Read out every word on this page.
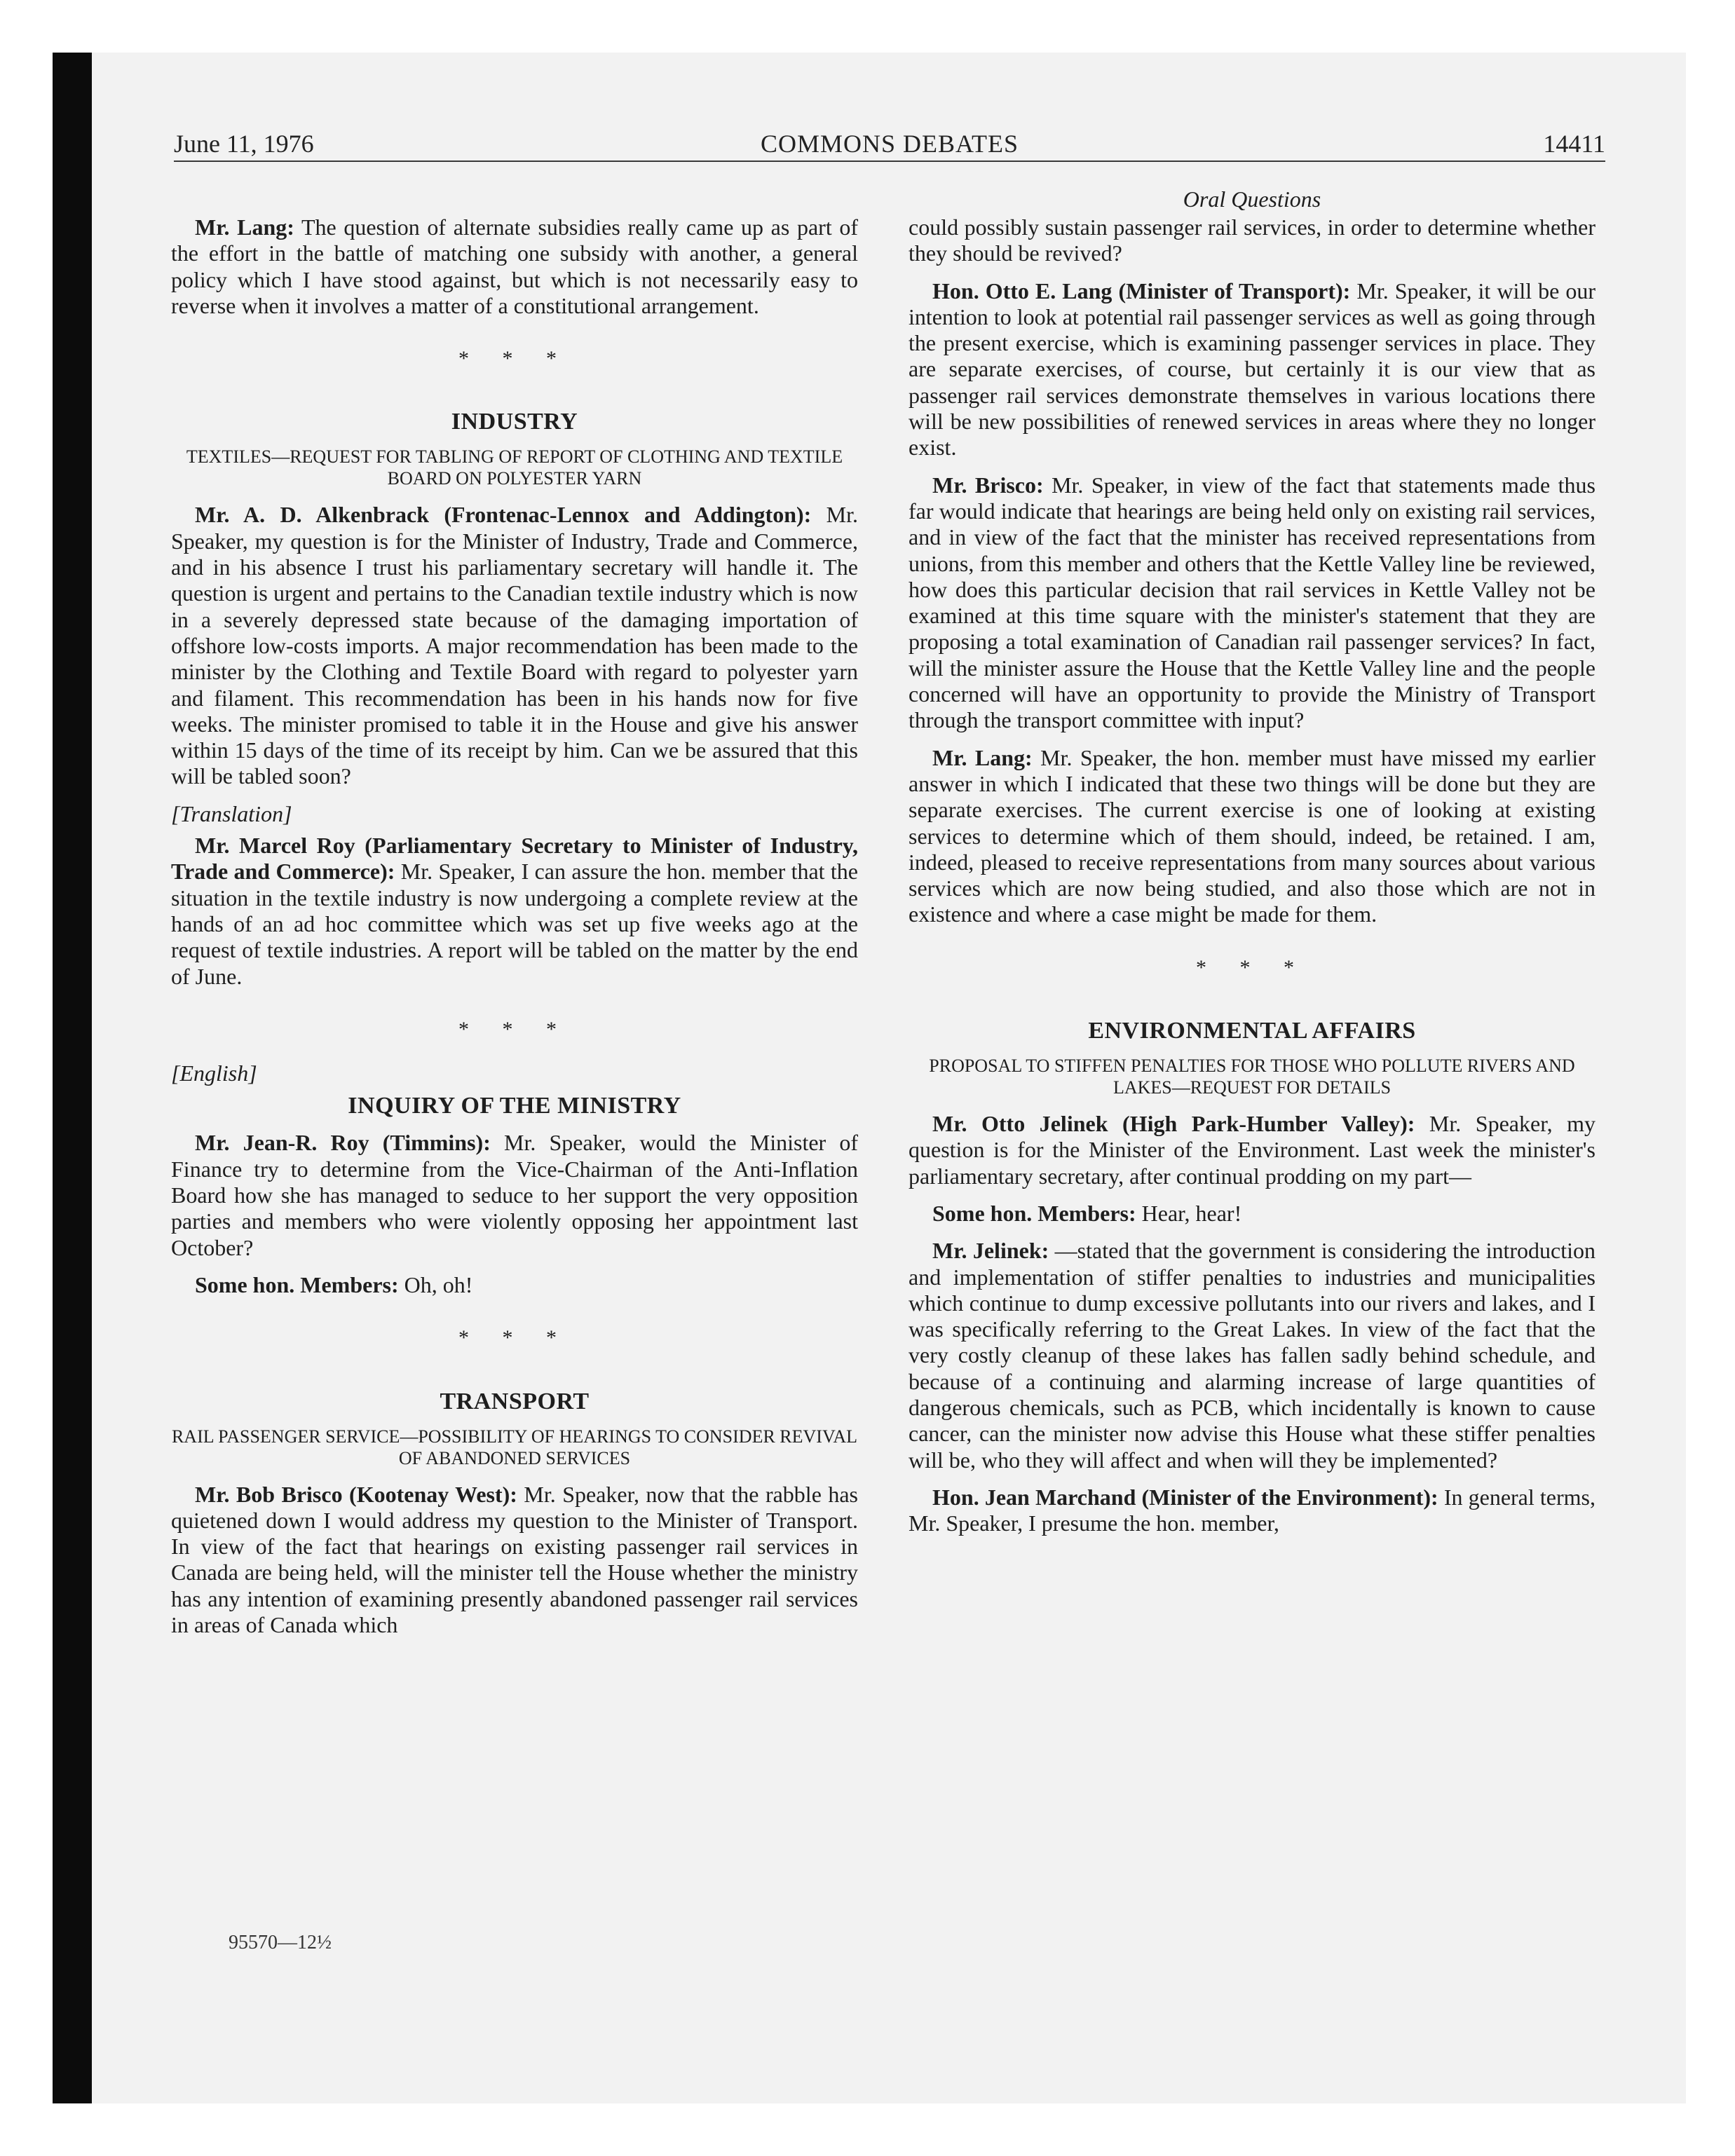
June 11, 1976	COMMONS DEBATES	14411

Mr. Lang: The question of alternate subsidies really came up as part of the effort in the battle of matching one subsidy with another, a general policy which I have stood against, but which is not necessarily easy to reverse when it involves a matter of a constitutional arrangement.

* * *
INDUSTRY
TEXTILES—REQUEST FOR TABLING OF REPORT OF CLOTHING AND TEXTILE BOARD ON POLYESTER YARN

Mr. A. D. Alkenbrack (Frontenac-Lennox and Addington): Mr. Speaker, my question is for the Minister of Industry, Trade and Commerce, and in his absence I trust his parliamentary secretary will handle it. The question is urgent and pertains to the Canadian textile industry which is now in a severely depressed state because of the damaging importation of offshore low-costs imports. A major recommendation has been made to the minister by the Clothing and Textile Board with regard to polyester yarn and filament. This recommendation has been in his hands now for five weeks. The minister promised to table it in the House and give his answer within 15 days of the time of its receipt by him. Can we be assured that this will be tabled soon?

[Translation]

Mr. Marcel Roy (Parliamentary Secretary to Minister of Industry, Trade and Commerce): Mr. Speaker, I can assure the hon. member that the situation in the textile industry is now undergoing a complete review at the hands of an ad hoc committee which was set up five weeks ago at the request of textile industries. A report will be tabled on the matter by the end of June.

* * *

[English]

INQUIRY OF THE MINISTRY

Mr. Jean-R. Roy (Timmins): Mr. Speaker, would the Minister of Finance try to determine from the Vice-Chairman of the Anti-Inflation Board how she has managed to seduce to her support the very opposition parties and members who were violently opposing her appointment last October?

Some hon. Members: Oh, oh!

* * *
TRANSPORT
RAIL PASSENGER SERVICE—POSSIBILITY OF HEARINGS TO CONSIDER REVIVAL OF ABANDONED SERVICES

Mr. Bob Brisco (Kootenay West): Mr. Speaker, now that the rabble has quietened down I would address my question to the Minister of Transport. In view of the fact that hearings on existing passenger rail services in Canada are being held, will the minister tell the House whether the ministry has any intention of examining presently abandoned passenger rail services in areas of Canada which

Oral Questions

could possibly sustain passenger rail services, in order to determine whether they should be revived?

Hon. Otto E. Lang (Minister of Transport): Mr. Speaker, it will be our intention to look at potential rail passenger services as well as going through the present exercise, which is examining passenger services in place. They are separate exercises, of course, but certainly it is our view that as passenger rail services demonstrate themselves in various locations there will be new possibilities of renewed services in areas where they no longer exist.

Mr. Brisco: Mr. Speaker, in view of the fact that statements made thus far would indicate that hearings are being held only on existing rail services, and in view of the fact that the minister has received representations from unions, from this member and others that the Kettle Valley line be reviewed, how does this particular decision that rail services in Kettle Valley not be examined at this time square with the minister's statement that they are proposing a total examination of Canadian rail passenger services? In fact, will the minister assure the House that the Kettle Valley line and the people concerned will have an opportunity to provide the Ministry of Transport through the transport committee with input?

Mr. Lang: Mr. Speaker, the hon. member must have missed my earlier answer in which I indicated that these two things will be done but they are separate exercises. The current exercise is one of looking at existing services to determine which of them should, indeed, be retained. I am, indeed, pleased to receive representations from many sources about various services which are now being studied, and also those which are not in existence and where a case might be made for them.

* * *
ENVIRONMENTAL AFFAIRS
PROPOSAL TO STIFFEN PENALTIES FOR THOSE WHO POLLUTE RIVERS AND LAKES—REQUEST FOR DETAILS

Mr. Otto Jelinek (High Park-Humber Valley): Mr. Speaker, my question is for the Minister of the Environment. Last week the minister's parliamentary secretary, after continual prodding on my part—

Some hon. Members: Hear, hear!

Mr. Jelinek: —stated that the government is considering the introduction and implementation of stiffer penalties to industries and municipalities which continue to dump excessive pollutants into our rivers and lakes, and I was specifically referring to the Great Lakes. In view of the fact that the very costly cleanup of these lakes has fallen sadly behind schedule, and because of a continuing and alarming increase of large quantities of dangerous chemicals, such as PCB, which incidentally is known to cause cancer, can the minister now advise this House what these stiffer penalties will be, who they will affect and when will they be implemented?

Hon. Jean Marchand (Minister of the Environment): In general terms, Mr. Speaker, I presume the hon. member,

95570—12½
